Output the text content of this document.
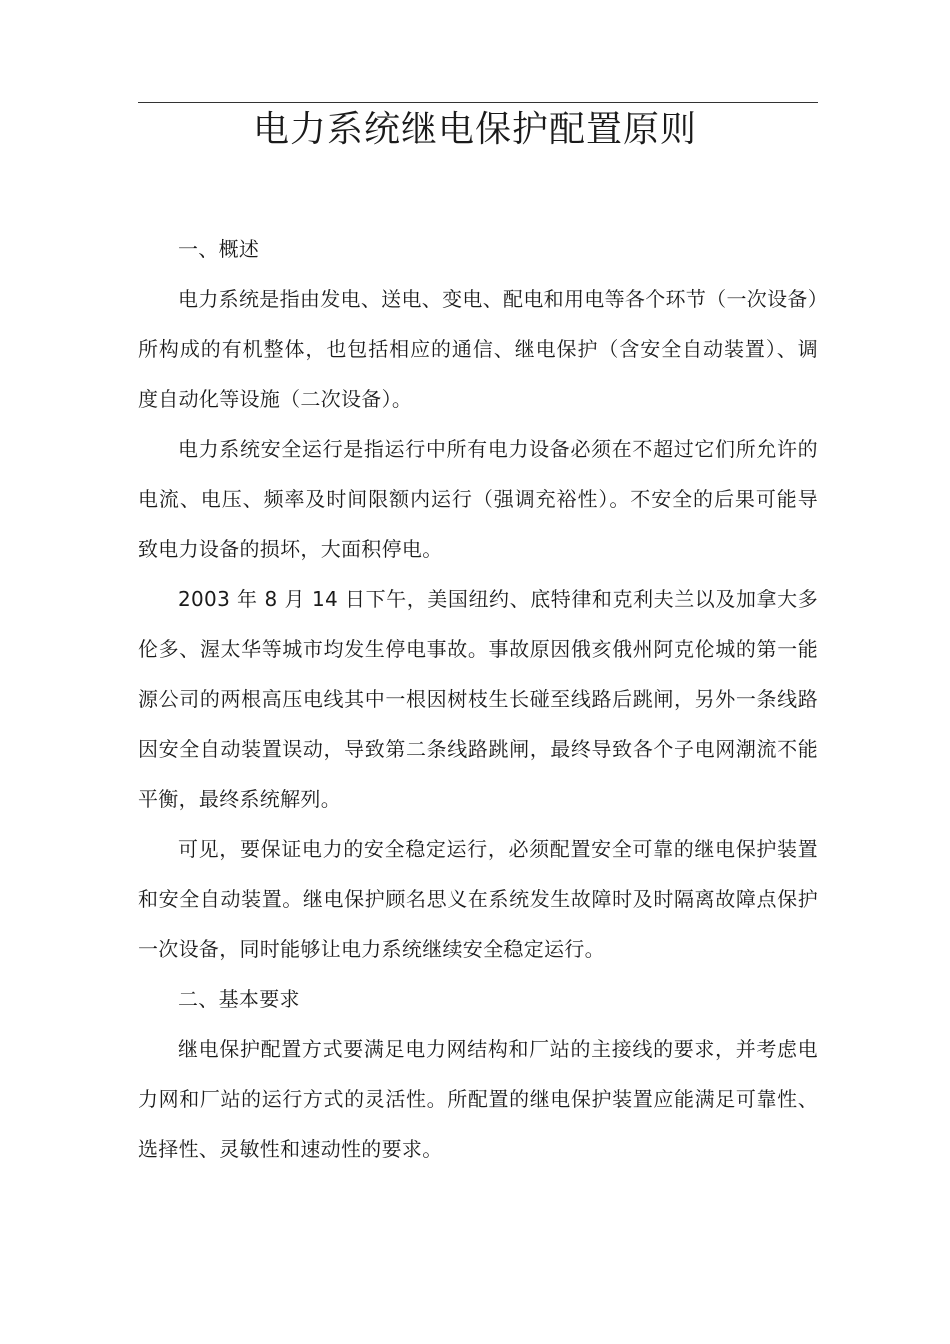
电力系统继电保护配置原则

一、概述

电力系统是指由发电、送电、变电、配电和用电等各个环节（一次设备）所构成的有机整体，也包括相应的通信、继电保护（含安全自动装置）、调度自动化等设施（二次设备）。

电力系统安全运行是指运行中所有电力设备必须在不超过它们所允许的电流、电压、频率及时间限额内运行（强调充裕性）。不安全的后果可能导致电力设备的损坏，大面积停电。

2003 年 8 月 14 日下午，美国纽约、底特律和克利夫兰以及加拿大多伦多、渥太华等城市均发生停电事故。事故原因俄亥俄州阿克伦城的第一能源公司的两根高压电线其中一根因树枝生长碰至线路后跳闸，另外一条线路因安全自动装置误动，导致第二条线路跳闸，最终导致各个子电网潮流不能平衡，最终系统解列。

可见，要保证电力的安全稳定运行，必须配置安全可靠的继电保护装置和安全自动装置。继电保护顾名思义在系统发生故障时及时隔离故障点保护一次设备，同时能够让电力系统继续安全稳定运行。

二、基本要求

继电保护配置方式要满足电力网结构和厂站的主接线的要求，并考虑电力网和厂站的运行方式的灵活性。所配置的继电保护装置应能满足可靠性、选择性、灵敏性和速动性的要求。
